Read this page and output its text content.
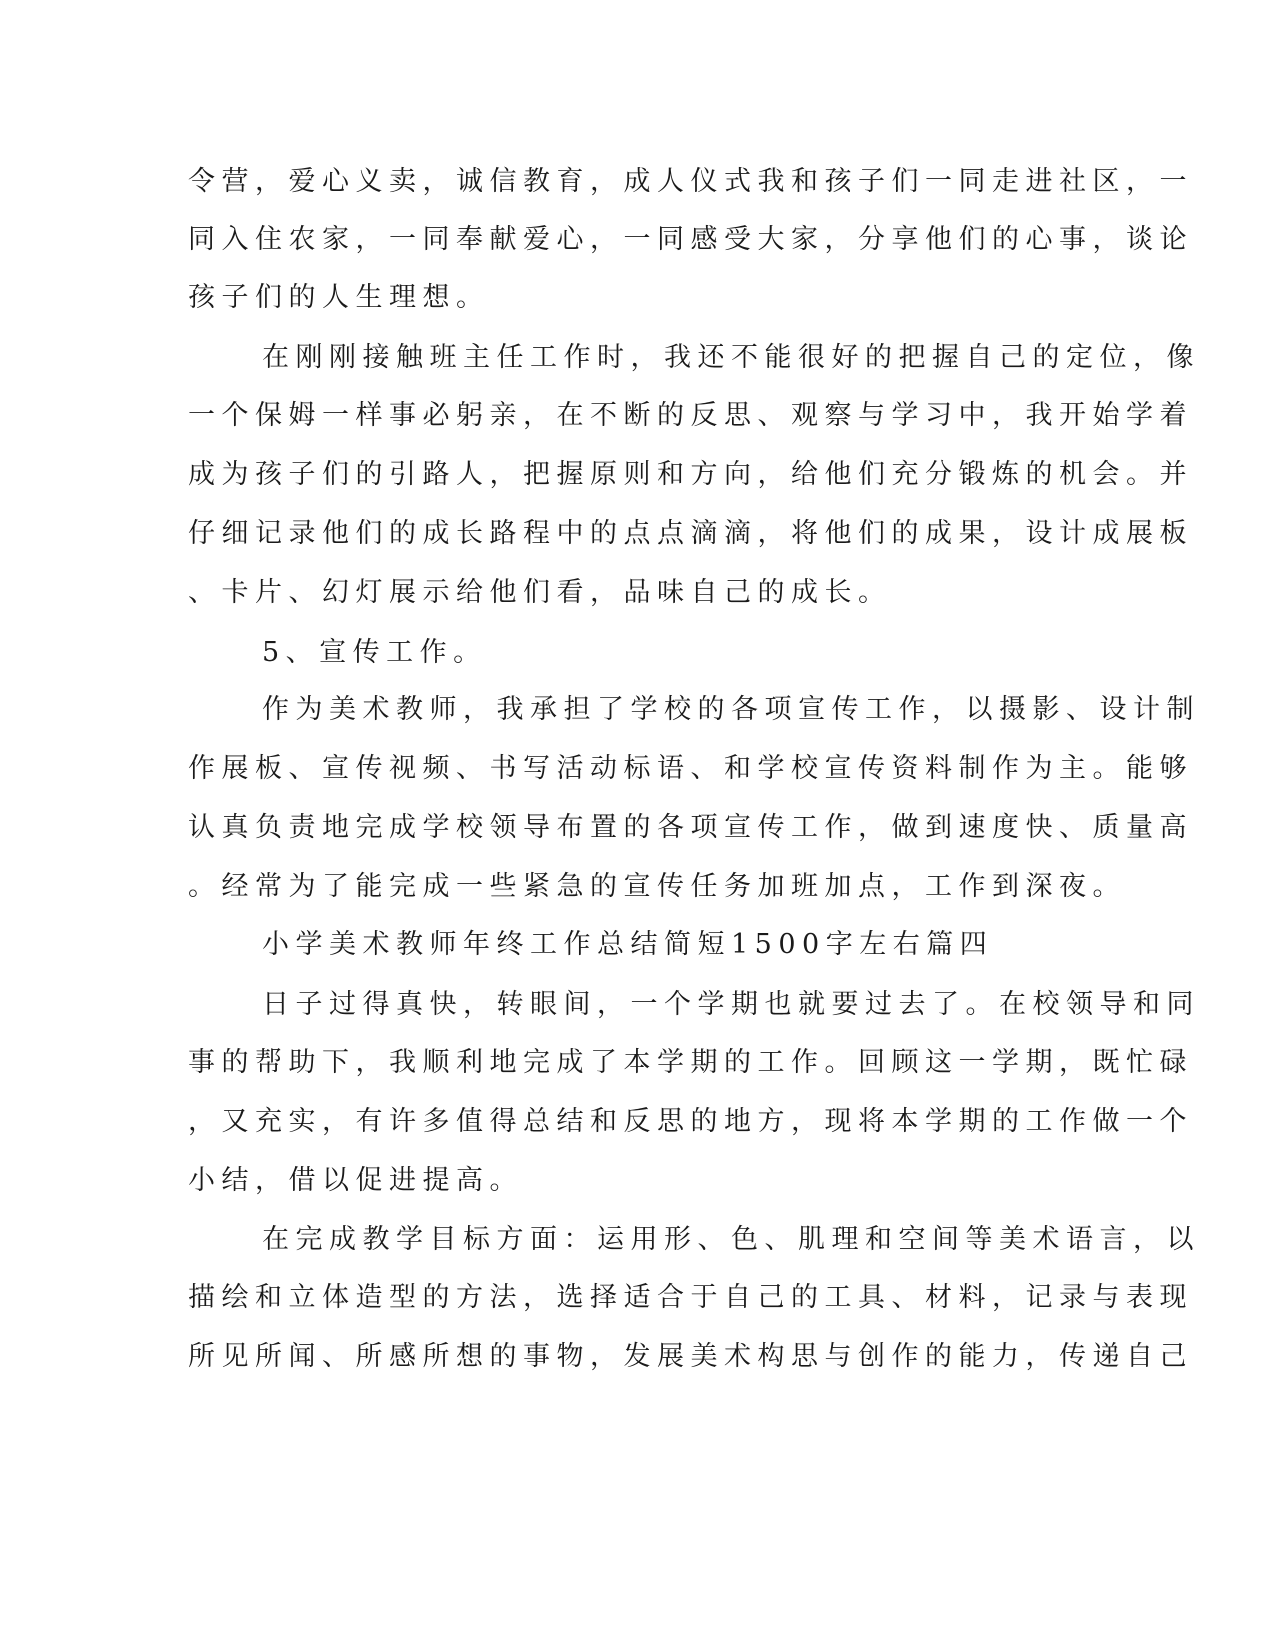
令营，爱心义卖，诚信教育，成人仪式我和孩子们一同走进社区，一
同入住农家，一同奉献爱心，一同感受大家，分享他们的心事，谈论
孩子们的人生理想。
在刚刚接触班主任工作时，我还不能很好的把握自己的定位，像
一个保姆一样事必躬亲，在不断的反思、观察与学习中，我开始学着
成为孩子们的引路人，把握原则和方向，给他们充分锻炼的机会。并
仔细记录他们的成长路程中的点点滴滴，将他们的成果，设计成展板
、卡片、幻灯展示给他们看，品味自己的成长。
5、宣传工作。
作为美术教师，我承担了学校的各项宣传工作，以摄影、设计制
作展板、宣传视频、书写活动标语、和学校宣传资料制作为主。能够
认真负责地完成学校领导布置的各项宣传工作，做到速度快、质量高
。经常为了能完成一些紧急的宣传任务加班加点，工作到深夜。
小学美术教师年终工作总结简短1500字左右篇四
日子过得真快，转眼间，一个学期也就要过去了。在校领导和同
事的帮助下，我顺利地完成了本学期的工作。回顾这一学期，既忙碌
，又充实，有许多值得总结和反思的地方，现将本学期的工作做一个
小结，借以促进提高。
在完成教学目标方面：运用形、色、肌理和空间等美术语言，以
描绘和立体造型的方法，选择适合于自己的工具、材料，记录与表现
所见所闻、所感所想的事物，发展美术构思与创作的能力，传递自己
